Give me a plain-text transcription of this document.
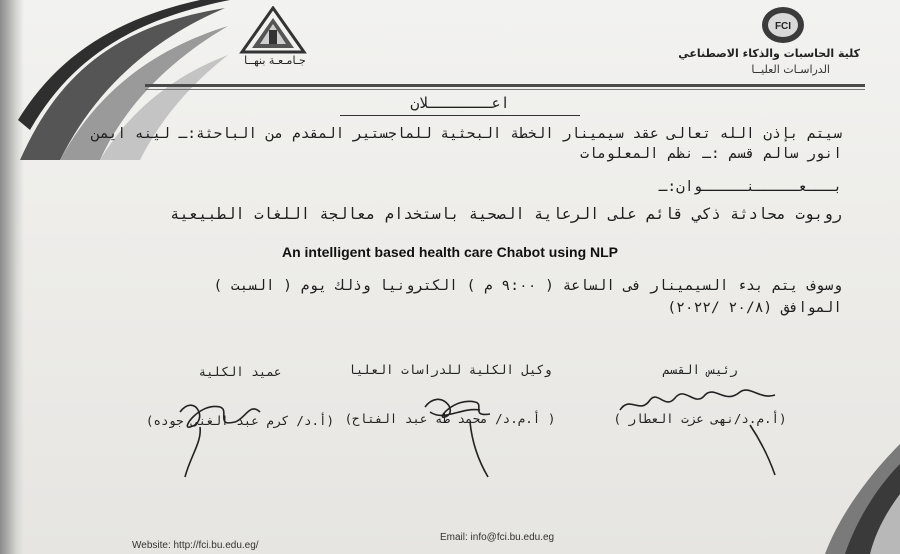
جـامـعـة بنهــا
FCI
كلية الحاسبات والذكاء الاصطناعي
الدراسـات العليــا
اعـــــــلان
سيتم بإذن الله تعالى عقد سيمينار الخطة البحثية للماجستير المقدم من الباحثة:ـ لينه ايمن
انور سالم قسم :ـ نظم المعلومات
بـــعـــــنـــــوان:ـ
روبوت محادثة ذكي قائم على الرعاية الصحية باستخدام معالجة اللغات الطبيعية
An intelligent based health care Chabot using NLP
وسوف يتم بدء السيمينار فى الساعة ( ٩:٠٠ م ) الكترونيا وذلك يوم ( السبت )
الموافق (٢٠/٨ /٢٠٢٢)
عميد الكلية
(أ.د/ كرم عبد الغنى جوده)
وكيل الكلية للدراسات العليا
( أ.م.د/ محمد طه عبد الفتاح)
رئيس القسم
(أ.م.د/نهى عزت العطار )
Email: info@fci.bu.edu.eg
Website: http://fci.bu.edu.eg/
